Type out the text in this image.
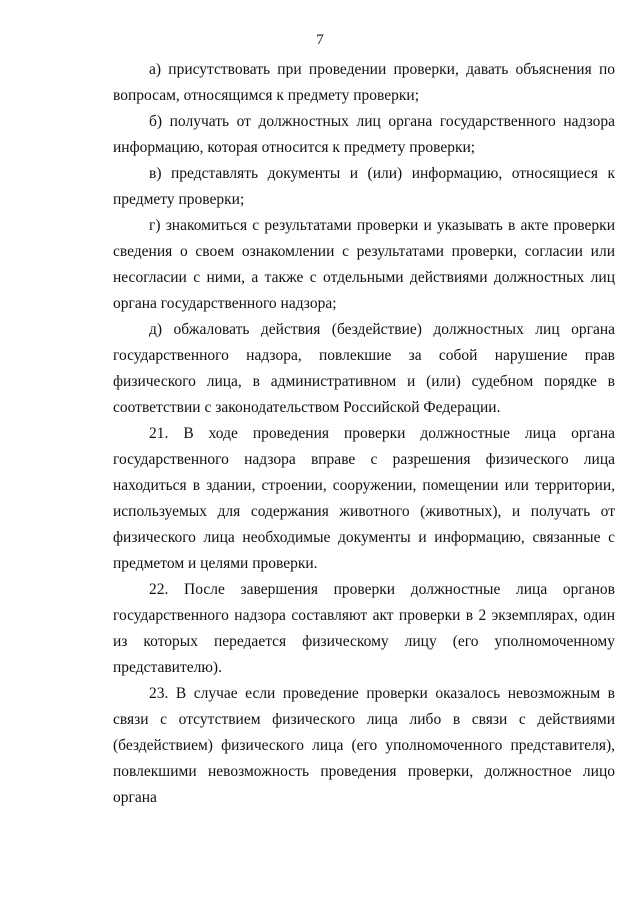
7

а) присутствовать при проведении проверки, давать объяснения по вопросам, относящимся к предмету проверки;

б) получать от должностных лиц органа государственного надзора информацию, которая относится к предмету проверки;

в) представлять документы и (или) информацию, относящиеся к предмету проверки;

г) знакомиться с результатами проверки и указывать в акте проверки сведения о своем ознакомлении с результатами проверки, согласии или несогласии с ними, а также с отдельными действиями должностных лиц органа государственного надзора;

д) обжаловать действия (бездействие) должностных лиц органа государственного надзора, повлекшие за собой нарушение прав физического лица, в административном и (или) судебном порядке в соответствии с законодательством Российской Федерации.

21. В ходе проведения проверки должностные лица органа государственного надзора вправе с разрешения физического лица находиться в здании, строении, сооружении, помещении или территории, используемых для содержания животного (животных), и получать от физического лица необходимые документы и информацию, связанные с предметом и целями проверки.

22. После завершения проверки должностные лица органов государственного надзора составляют акт проверки в 2 экземплярах, один из которых передается физическому лицу (его уполномоченному представителю).

23. В случае если проведение проверки оказалось невозможным в связи с отсутствием физического лица либо в связи с действиями (бездействием) физического лица (его уполномоченного представителя), повлекшими невозможность проведения проверки, должностное лицо органа
